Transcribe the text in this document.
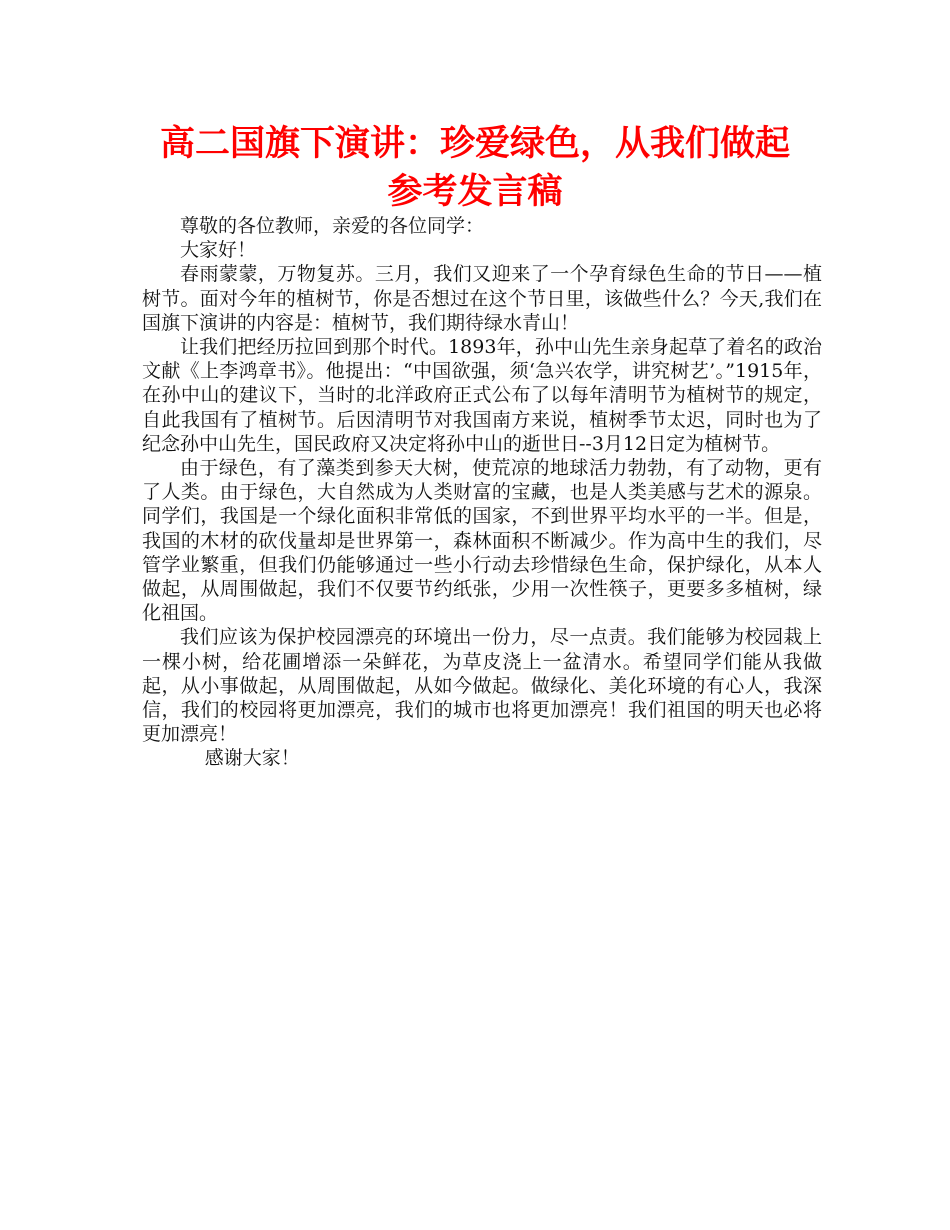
高二国旗下演讲：珍爱绿色，从我们做起
参考发言稿

尊敬的各位教师，亲爱的各位同学：

大家好！

春雨蒙蒙，万物复苏。三月，我们又迎来了一个孕育绿色生命的节日——植树节。面对今年的植树节，你是否想过在这个节日里，该做些什么？今天,我们在国旗下演讲的内容是：植树节，我们期待绿水青山！

让我们把经历拉回到那个时代。1893年，孙中山先生亲身起草了着名的政治文献《上李鸿章书》。他提出：“中国欲强，须‘急兴农学，讲究树艺’。”1915年，在孙中山的建议下，当时的北洋政府正式公布了以每年清明节为植树节的规定，自此我国有了植树节。后因清明节对我国南方来说，植树季节太迟，同时也为了纪念孙中山先生，国民政府又决定将孙中山的逝世日--3月12日定为植树节。

由于绿色，有了藻类到参天大树，使荒凉的地球活力勃勃，有了动物，更有了人类。由于绿色，大自然成为人类财富的宝藏，也是人类美感与艺术的源泉。同学们，我国是一个绿化面积非常低的国家，不到世界平均水平的一半。但是，我国的木材的砍伐量却是世界第一，森林面积不断减少。作为高中生的我们，尽管学业繁重，但我们仍能够通过一些小行动去珍惜绿色生命，保护绿化，从本人做起，从周围做起，我们不仅要节约纸张，少用一次性筷子，更要多多植树，绿化祖国。

我们应该为保护校园漂亮的环境出一份力，尽一点责。我们能够为校园栽上一棵小树，给花圃增添一朵鲜花，为草皮浇上一盆清水。希望同学们能从我做起，从小事做起，从周围做起，从如今做起。做绿化、美化环境的有心人，我深信，我们的校园将更加漂亮，我们的城市也将更加漂亮！我们祖国的明天也必将更加漂亮！

感谢大家！
